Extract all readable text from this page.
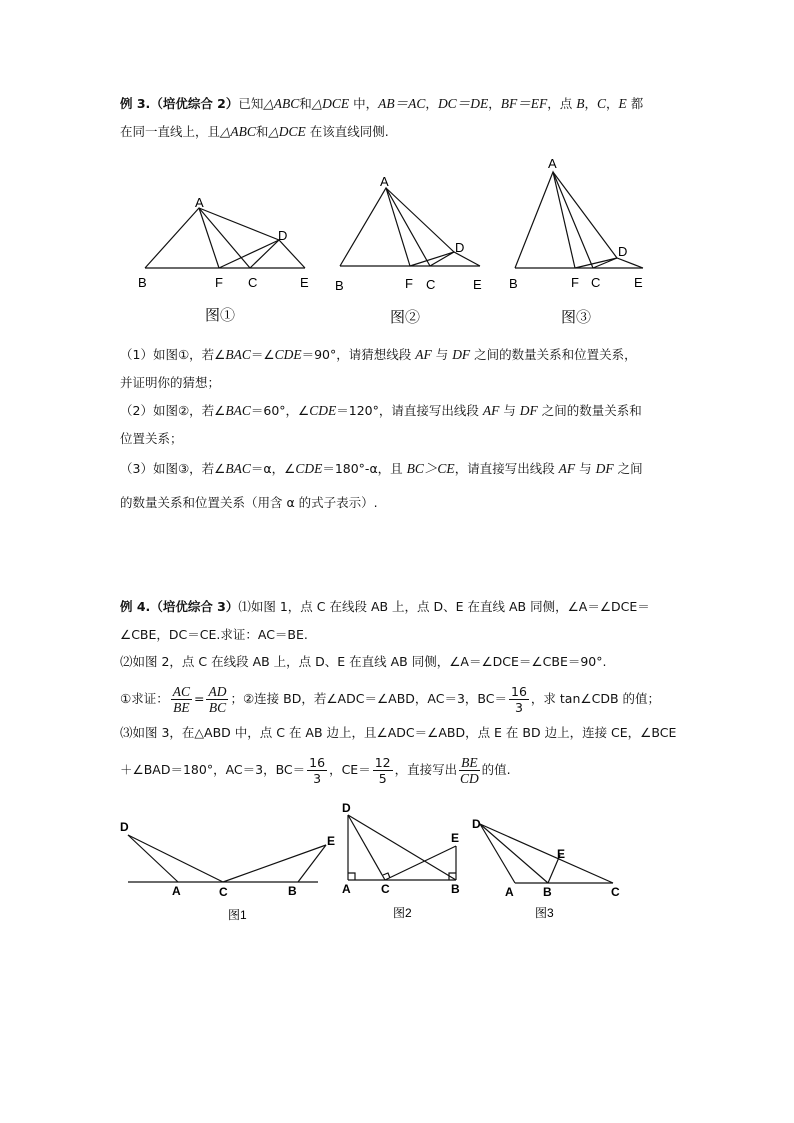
例 3.（培优综合 2）已知△ABC和△DCE 中，AB＝AC，DC＝DE，BF＝EF，点 B，C，E 都
在同一直线上，且△ABC和△DCE 在该直线同侧.
A
B	F C
D
E
图①
A
B	F C
D
E
图②
A
B	F C
D
E
图③
（1）如图①，若∠BAC＝∠CDE＝90°，请猜想线段 AF 与 DF 之间的数量关系和位置关系，
并证明你的猜想；
（2）如图②，若∠BAC＝60°，∠CDE＝120°，请直接写出线段 AF 与 DF 之间的数量关系和
位置关系；
（3）如图③，若∠BAC＝α，∠CDE＝180°-α，且 BC＞CE，请直接写出线段 AF 与 DF 之间
的数量关系和位置关系（用含 α 的式子表示）.
例 4.（培优综合 3）⑴如图 1，点 C 在线段 AB 上，点 D、E 在直线 AB 同侧，∠A＝∠DCE＝
∠CBE，DC＝CE.求证：AC＝BE.
⑵如图 2，点 C 在线段 AB 上，点 D、E 在直线 AB 同侧，∠A＝∠DCE＝∠CBE＝90°.
①求证： $\frac{AC}{BE} = \frac{AD}{BC}$ ；②连接 BD，若∠ADC＝∠ABD，AC＝3，$BC= \frac{16}{3}$ ，求 tan∠CDB 的值；
⑶如图 3，在△ABD 中，点 C 在 AB 边上，且∠ADC＝∠ABD，点 E 在 BD 边上，连接 CE，∠BCE
＋∠BAD＝180°，AC＝3，$BC= \frac{16}{3}$ ，$CE= \frac{12}{5}$ ，直接写出 $\frac{BE}{CD}$ 的值.
D
A	C	B
E
图1
D
A	C	B
E
图2
D
A B
E
C
图3
